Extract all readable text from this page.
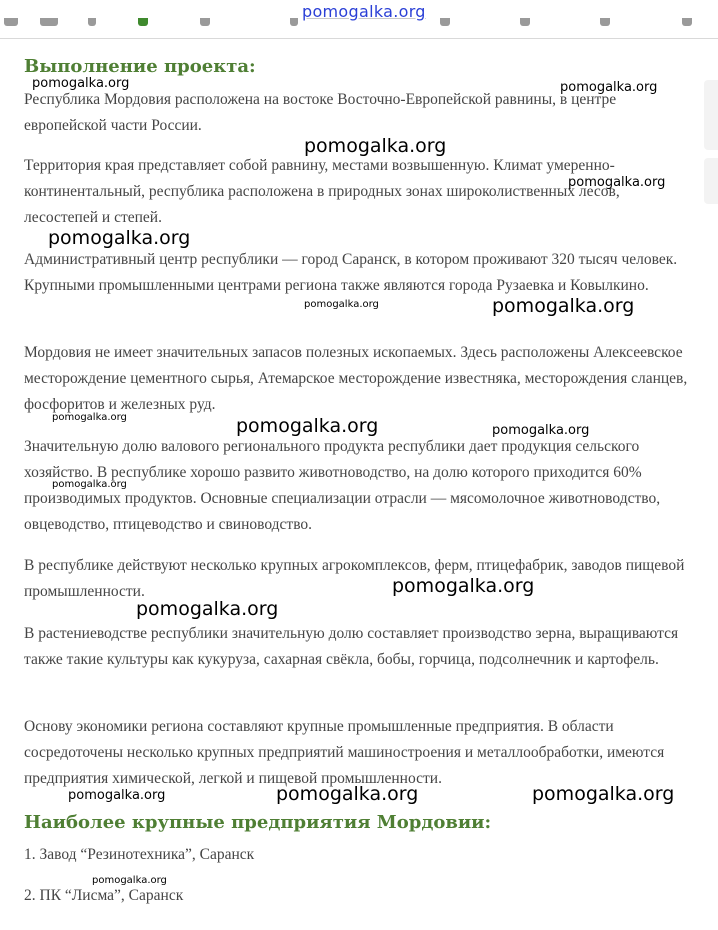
pomogalka.org
Выполнение проекта:

Республика Мордовия расположена на востоке Восточно-Европейской равнины, в центре европейской части России.

Территория края представляет собой равнину, местами возвышенную. Климат умеренно-континентальный, республика расположена в природных зонах широколиственных лесов, лесостепей и степей.

Административный центр республики — город Саранск, в котором проживают 320 тысяч человек. Крупными промышленными центрами региона также являются города Рузаевка и Ковылкино.

Мордовия не имеет значительных запасов полезных ископаемых. Здесь расположены Алексеевское месторождение цементного сырья, Атемарское месторождение известняка, месторождения сланцев, фосфоритов и железных руд.

Значительную долю валового регионального продукта республики дает продукция сельского хозяйство. В республике хорошо развито животноводство, на долю которого приходится 60% производимых продуктов. Основные специализации отрасли — мясомолочное животноводство, овцеводство, птицеводство и свиноводство.

В республике действуют несколько крупных агрокомплексов, ферм, птицефабрик, заводов пищевой промышленности.

В растениеводстве республики значительную долю составляет производство зерна, выращиваются также такие культуры как кукуруза, сахарная свёкла, бобы, горчица, подсолнечник и картофель.

Основу экономики региона составляют крупные промышленные предприятия. В области сосредоточены несколько крупных предприятий машиностроения и металлообработки, имеются предприятия химической, легкой и пищевой промышленности.

Наиболее крупные предприятия Мордовии:

1. Завод “Резинотехника”, Саранск

2. ПК “Лисма”, Саранск

pomogalka.org	pomogalka.org
pomogalka.org
pomogalka.org
pomogalka.org
pomogalka.org	pomogalka.org
pomogalka.org	pomogalka.org	pomogalka.org
pomogalka.org
pomogalka.org
pomogalka.org
pomogalka.org	pomogalka.org	pomogalka.org
pomogalka.org
